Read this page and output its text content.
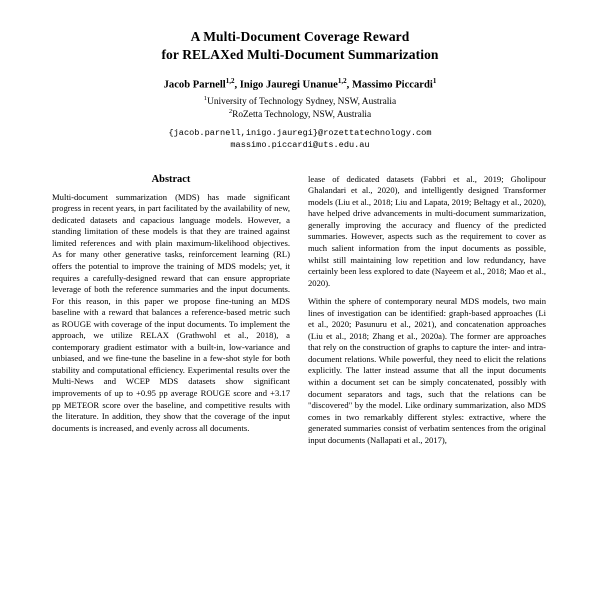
A Multi-Document Coverage Reward
for RELAXed Multi-Document Summarization
Jacob Parnell$^{1,2}$, Inigo Jauregi Unanue$^{1,2}$, Massimo Piccardi$^1$
$^1$University of Technology Sydney, NSW, Australia
$^2$RoZetta Technology, NSW, Australia
{jacob.parnell,inigo.jauregi}@rozettatechnology.com
massimo.piccardi@uts.edu.au
Abstract

Multi-document summarization (MDS) has made significant progress in recent years, in part facilitated by the availability of new, dedicated datasets and capacious language models. However, a standing limitation of these models is that they are trained against limited references and with plain maximum-likelihood objectives. As for many other generative tasks, reinforcement learning (RL) offers the potential to improve the training of MDS models; yet, it requires a carefully-designed reward that can ensure appropriate leverage of both the reference summaries and the input documents. For this reason, in this paper we propose fine-tuning an MDS baseline with a reward that balances a reference-based metric such as ROUGE with coverage of the input documents. To implement the approach, we utilize RELAX (Grathwohl et al., 2018), a contemporary gradient estimator with a built-in, low-variance and unbiased, and we fine-tune the baseline in a few-shot style for both stability and computational efficiency. Experimental results over the Multi-News and WCEP MDS datasets show significant improvements of up to +0.95 pp average ROUGE score and +3.17 pp METEOR score over the baseline, and competitive results with the literature. In addition, they show that the coverage of the input documents is increased, and evenly across all documents.

lease of dedicated datasets (Fabbri et al., 2019; Gholipour Ghalandari et al., 2020), and intelligently designed Transformer models (Liu et al., 2018; Liu and Lapata, 2019; Beltagy et al., 2020), have helped drive advancements in multi-document summarization, generally improving the accuracy and fluency of the predicted summaries. However, aspects such as the requirement to cover as much salient information from the input documents as possible, whilst still maintaining low repetition and low redundancy, have certainly been less explored to date (Nayeem et al., 2018; Mao et al., 2020).

Within the sphere of contemporary neural MDS models, two main lines of investigation can be identified: graph-based approaches (Li et al., 2020; Pasunuru et al., 2021), and concatenation approaches (Liu et al., 2018; Zhang et al., 2020a). The former are approaches that rely on the construction of graphs to capture the inter- and intra-document relations. While powerful, they need to elicit the relations explicitly. The latter instead assume that all the input documents within a document set can be simply concatenated, possibly with document separators and tags, such that the relations can be "discovered" by the model. Like ordinary summarization, also MDS comes in two remarkably different styles: extractive, where the generated summaries consist of verbatim sentences from the original input documents (Nallapati et al., 2017),
